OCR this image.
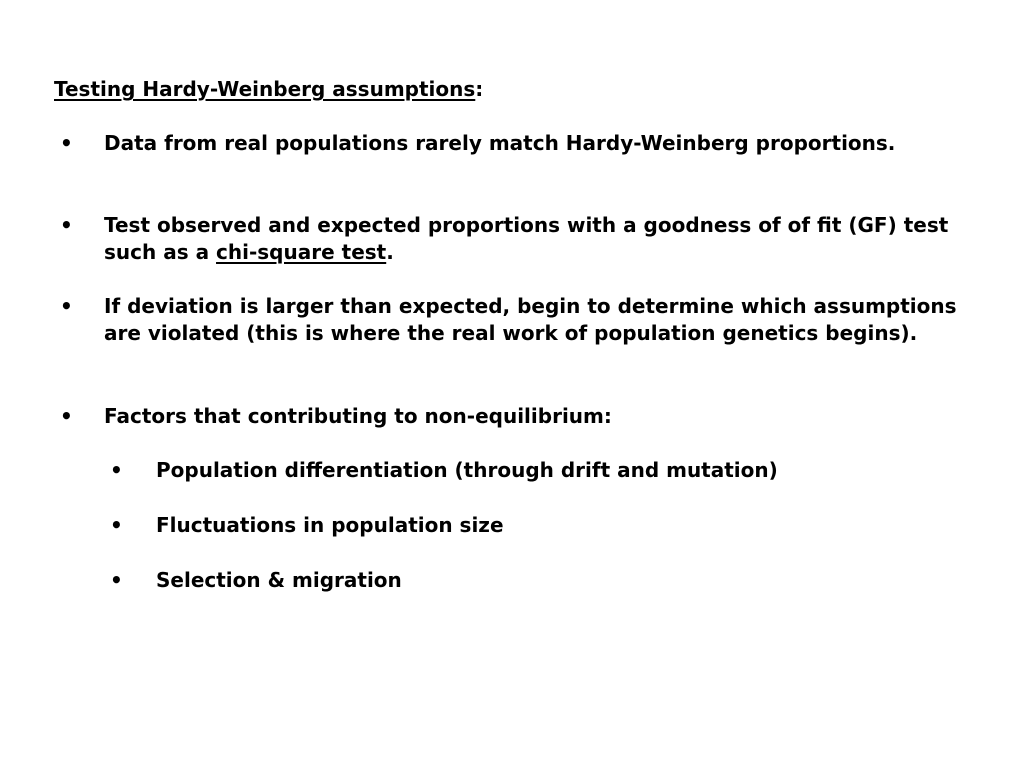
Testing Hardy-Weinberg assumptions:
•	Data from real populations rarely match Hardy-Weinberg proportions.
•	Test observed and expected proportions with a goodness of of fit (GF) test such as a chi-square test.
•	If deviation is larger than expected, begin to determine which assumptions are violated (this is where the real work of population genetics begins).
•	Factors that contributing to non-equilibrium:
•	Population differentiation (through drift and mutation)
•	Fluctuations in population size
•	Selection & migration
